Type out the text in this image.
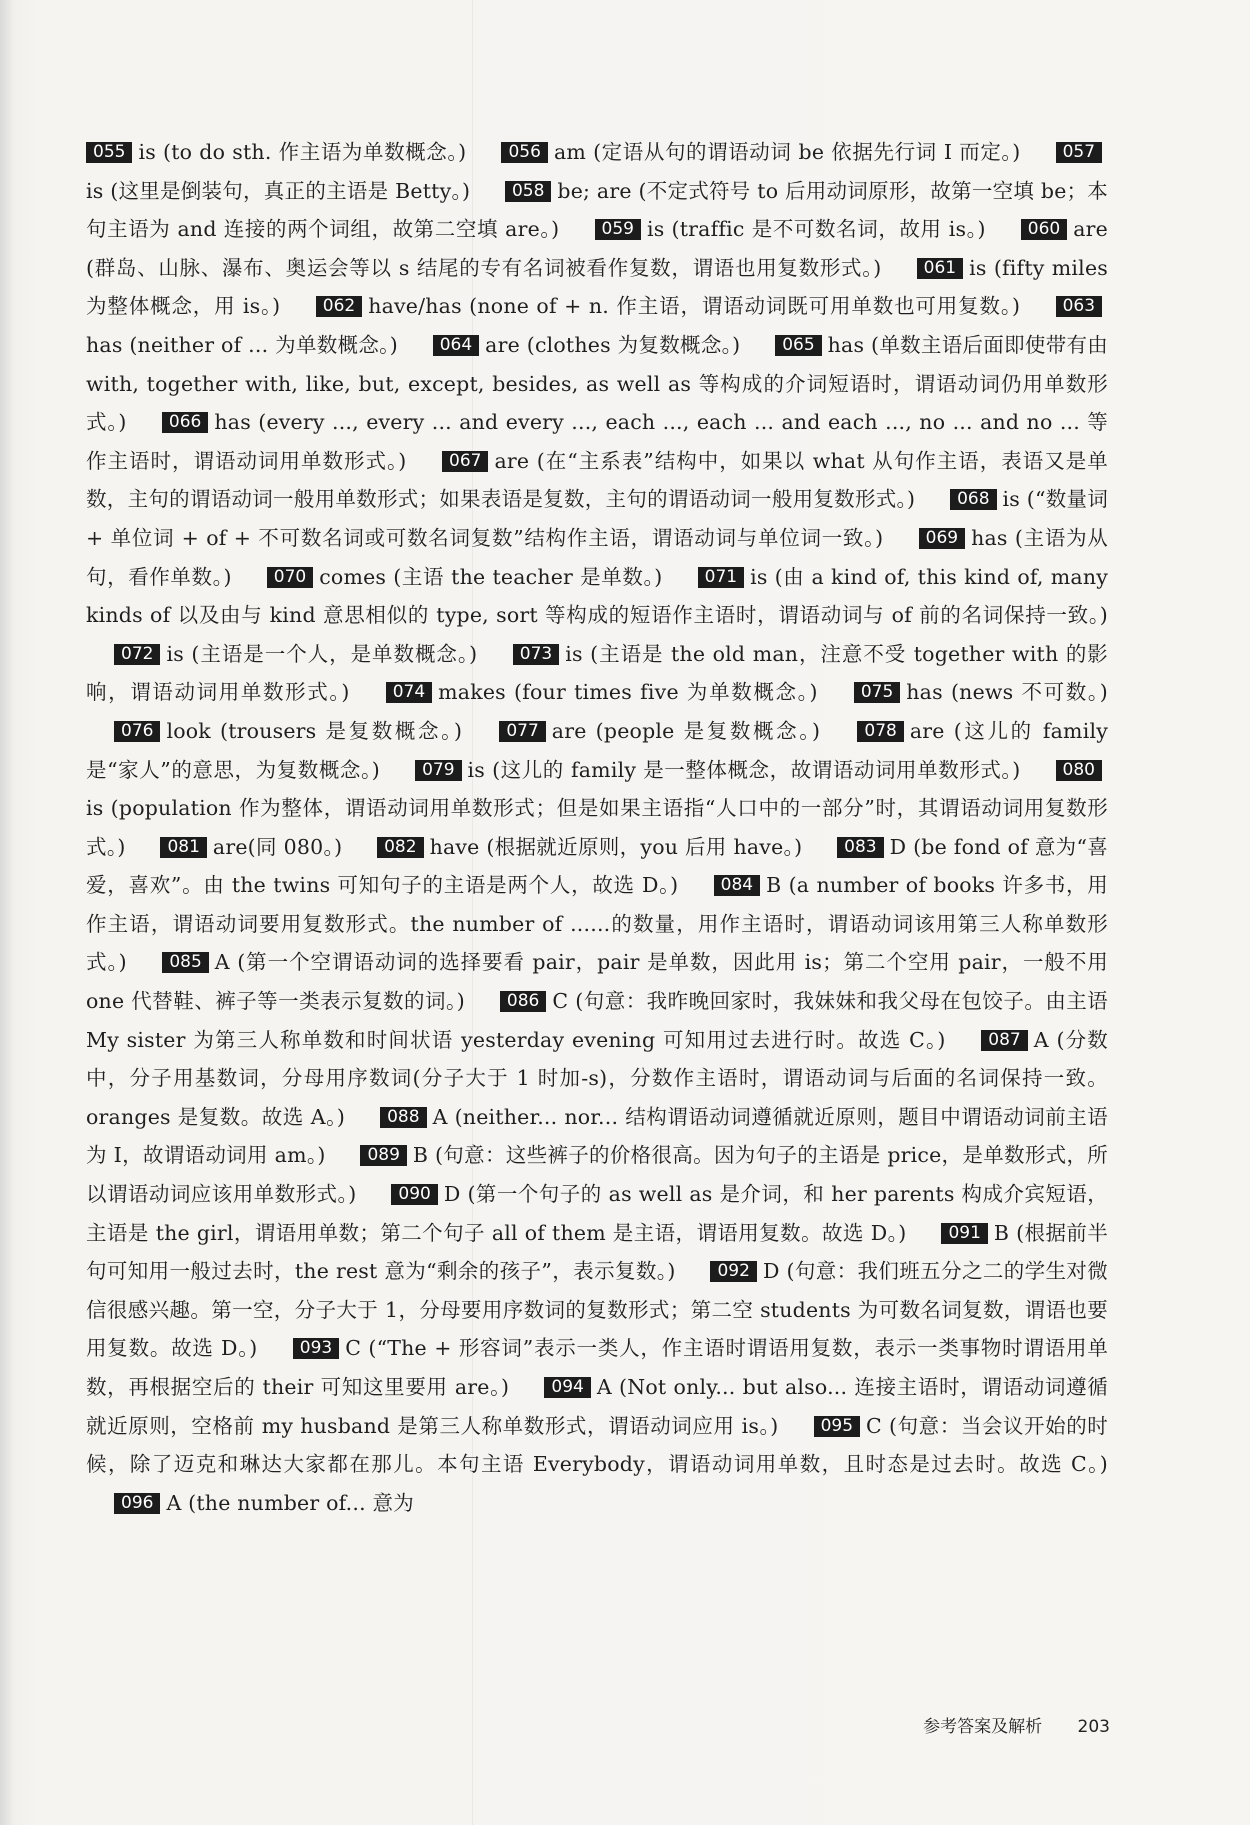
055 is (to do sth. 作主语为单数概念。) 056 am (定语从句的谓语动词 be 依据先行词 I 而定。) 057is (这里是倒装句，真正的主语是 Betty。) 058 be; are (不定式符号 to 后用动词原形，故第一空填 be；本句主语为 and 连接的两个词组，故第二空填 are。) 059 is (traffic 是不可数名词，故用 is。) 060 are (群岛、山脉、瀑布、奥运会等以 s 结尾的专有名词被看作复数，谓语也用复数形式。) 061 is (fifty miles 为整体概念，用 is。) 062 have/has (none of + n. 作主语，谓语动词既可用单数也可用复数。) 063has (neither of ... 为单数概念。) 064 are (clothes 为复数概念。) 065 has (单数主语后面即使带有由 with, together with, like, but, except, besides, as well as 等构成的介词短语时，谓语动词仍用单数形式。) 066 has (every ..., every ... and every ..., each ..., each ... and each ..., no ... and no ... 等作主语时，谓语动词用单数形式。)	067 are (在“主系表”结构中，如果以 what 从句作主语，表语又是单数，主句的谓语动词一般用单数形式；如果表语是复数，主句的谓语动词一般用复数形式。) 068 is (“数量词 + 单位词 + of + 不可数名词或可数名词复数”结构作主语，谓语动词与单位词一致。) 069 has (主语为从句，看作单数。) 070 comes (主语 the teacher 是单数。) 071 is (由 a kind of, this kind of, many kinds of 以及由与 kind 意思相似的 type, sort 等构成的短语作主语时，谓语动词与 of 前的名词保持一致。) 072 is (主语是一个人，是单数概念。) 073 is (主语是 the old man，注意不受 together with 的影响，谓语动词用单数形式。)	074 makes (four times five 为单数概念。)	075 has (news 不可数。) 076 look (trousers 是复数概念。)	077 are (people 是复数概念。)	078 are (这儿的 family 是“家人”的意思，为复数概念。) 079 is (这儿的 family 是一整体概念，故谓语动词用单数形式。) 080is (population 作为整体，谓语动词用单数形式；但是如果主语指“人口中的一部分”时，其谓语动词用复数形式。) 081 are(同 080。) 082 have (根据就近原则，you 后用 have。) 083 D (be fond of 意为“喜爱，喜欢”。由 the twins 可知句子的主语是两个人，故选 D。) 084 B (a number of books 许多书，用作主语，谓语动词要用复数形式。the number of ......的数量，用作主语时，谓语动词该用第三人称单数形式。) 085 A (第一个空谓语动词的选择要看 pair，pair 是单数，因此用 is；第二个空用 pair，一般不用 one 代替鞋、裤子等一类表示复数的词。) 086 C (句意：我昨晚回家时，我妹妹和我父母在包饺子。由主语 My sister 为第三人称单数和时间状语 yesterday evening 可知用过去进行时。故选 C。)	087 A (分数中，分子用基数词，分母用序数词(分子大于 1 时加-s)，分数作主语时，谓语动词与后面的名词保持一致。oranges 是复数。故选 A。) 088 A (neither... nor... 结构谓语动词遵循就近原则，题目中谓语动词前主语为 I，故谓语动词用 am。) 089 B (句意：这些裤子的价格很高。因为句子的主语是 price，是单数形式，所以谓语动词应该用单数形式。) 090 D (第一个句子的 as well as 是介词，和 her parents 构成介宾短语，主语是 the girl，谓语用单数；第二个句子 all of them 是主语，谓语用复数。故选 D。) 091 B (根据前半句可知用一般过去时，the rest 意为“剩余的孩子”，表示复数。) 092 D (句意：我们班五分之二的学生对微信很感兴趣。第一空，分子大于 1，分母要用序数词的复数形式；第二空 students 为可数名词复数，谓语也要用复数。故选 D。) 093 C (“The + 形容词”表示一类人，作主语时谓语用复数，表示一类事物时谓语用单数，再根据空后的 their 可知这里要用 are。) 094 A (Not only... but also... 连接主语时，谓语动词遵循就近原则，空格前 my husband 是第三人称单数形式，谓语动词应用 is。) 095 C (句意：当会议开始的时候，除了迈克和琳达大家都在那儿。本句主语 Everybody，谓语动词用单数，且时态是过去时。故选 C。) 096 A (the number of... 意为
参考答案及解析 203
